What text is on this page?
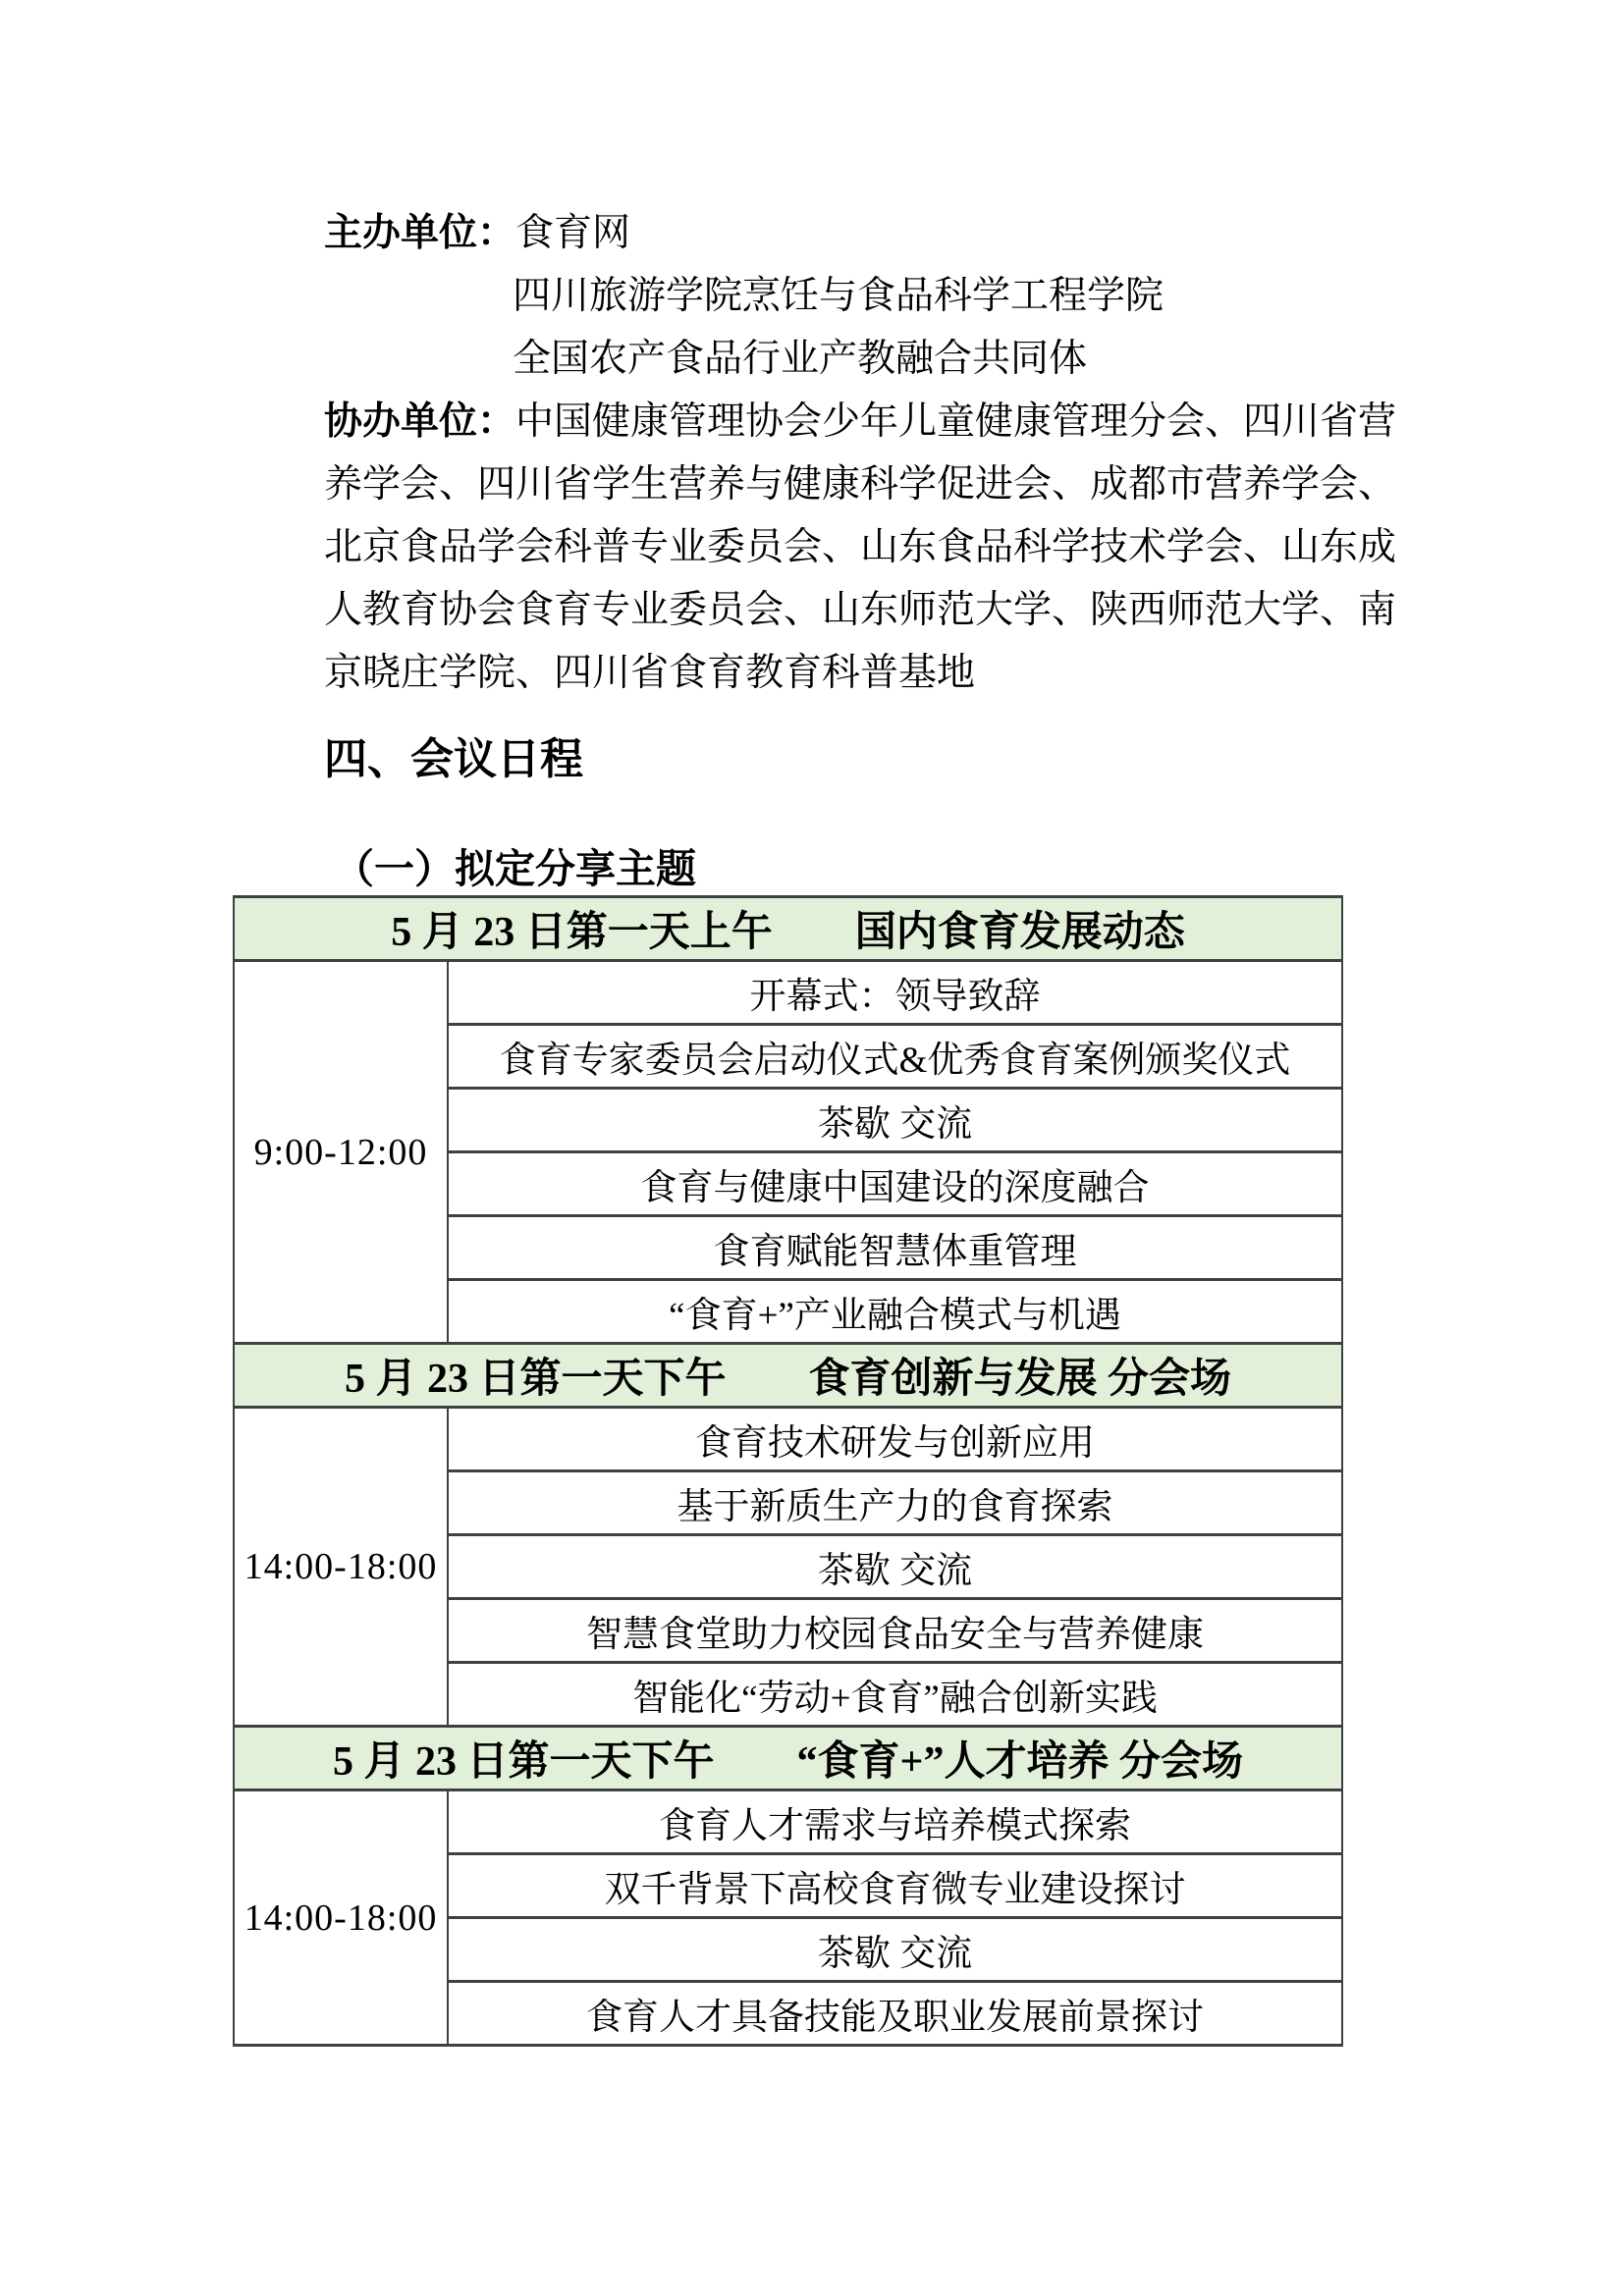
主办单位：食育网
四川旅游学院烹饪与食品科学工程学院
全国农产食品行业产教融合共同体
协办单位：中国健康管理协会少年儿童健康管理分会、四川省营
养学会、四川省学生营养与健康科学促进会、成都市营养学会、
北京食品学会科普专业委员会、山东食品科学技术学会、山东成
人教育协会食育专业委员会、山东师范大学、陕西师范大学、南
京晓庄学院、四川省食育教育科普基地
四、会议日程
（一）拟定分享主题
5 月 23 日第一天上午　　国内食育发展动态	
9:00-12:00	开幕式：领导致辞
	食育专家委员会启动仪式&优秀食育案例颁奖仪式
	茶歇 交流
	食育与健康中国建设的深度融合
	食育赋能智慧体重管理
	“食育+”产业融合模式与机遇
5 月 23 日第一天下午　　食育创新与发展 分会场	
14:00-18:00	食育技术研发与创新应用
	基于新质生产力的食育探索
	茶歇 交流
	智慧食堂助力校园食品安全与营养健康
	智能化“劳动+食育”融合创新实践
5 月 23 日第一天下午　　“食育+”人才培养 分会场	
14:00-18:00	食育人才需求与培养模式探索
	双千背景下高校食育微专业建设探讨
	茶歇 交流
	食育人才具备技能及职业发展前景探讨
